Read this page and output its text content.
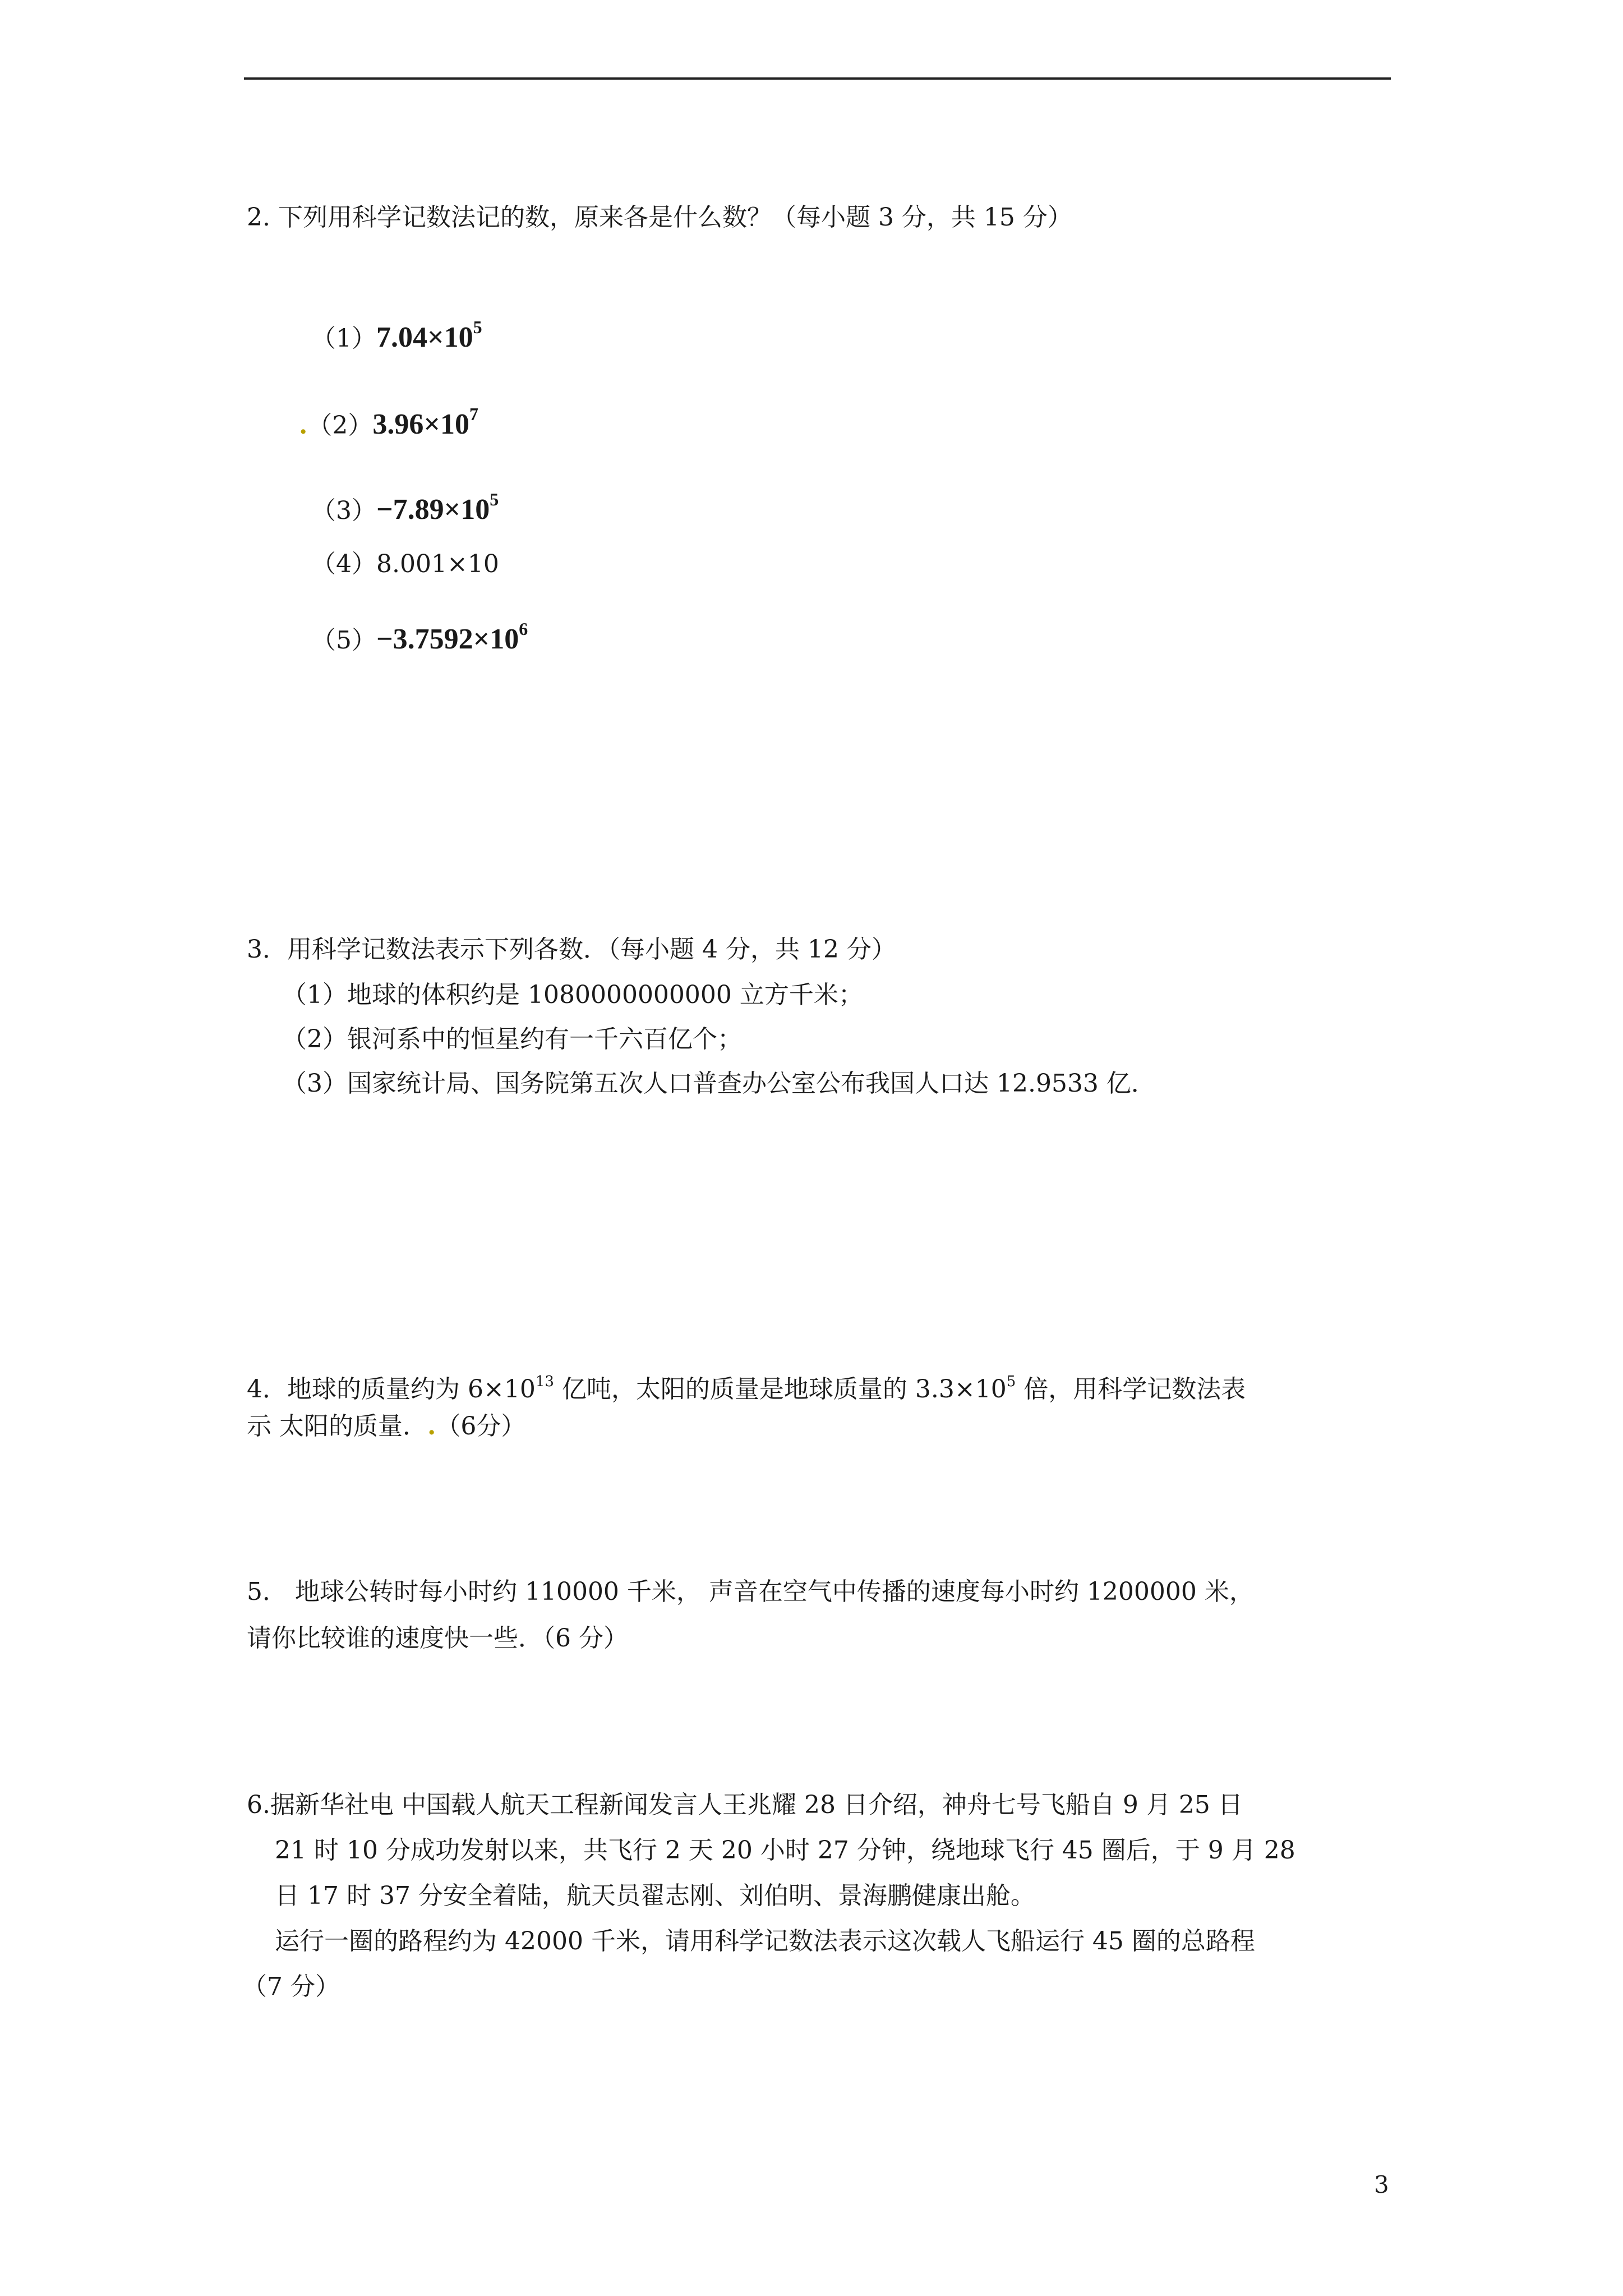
2. 下列用科学记数法记的数，原来各是什么数？（每小题 3 分，共 15 分）
$(1)7.04\times 10^5$
$.(2)3.96\times 10^7$
$(3)-7.89\times 10^5$
（4）8.001×10
$(5)-3.7592\times 10^6$
3．用科学记数法表示下列各数．（每小题 4 分，共 12 分）
（1）地球的体积约是 1080000000000 立方千米；
（2）银河系中的恒星约有一千六百亿个；
（3）国家统计局、国务院第五次人口普查办公室公布我国人口达 12.9533 亿．
4．地球的质量约为 $6\times 10^{13}$ 亿吨，太阳的质量是地球质量的 $3.3\times 10^5$ 倍，用科学记数法表
示 太阳的质量．.（6分）
5． 地球公转时每小时约 110000 千米， 声音在空气中传播的速度每小时约 1200000 米，
请你比较谁的速度快一些．（6 分）
6.据新华社电 中国载人航天工程新闻发言人王兆耀 28 日介绍，神舟七号飞船自 9 月 25 日
21 时 10 分成功发射以来，共飞行 2 天 20 小时 27 分钟，绕地球飞行 45 圈后，于 9 月 28
日 17 时 37 分安全着陆，航天员翟志刚、刘伯明、景海鹏健康出舱。
运行一圈的路程约为 42000 千米，请用科学记数法表示这次载人飞船运行 45 圈的总路程
（7 分）
3
